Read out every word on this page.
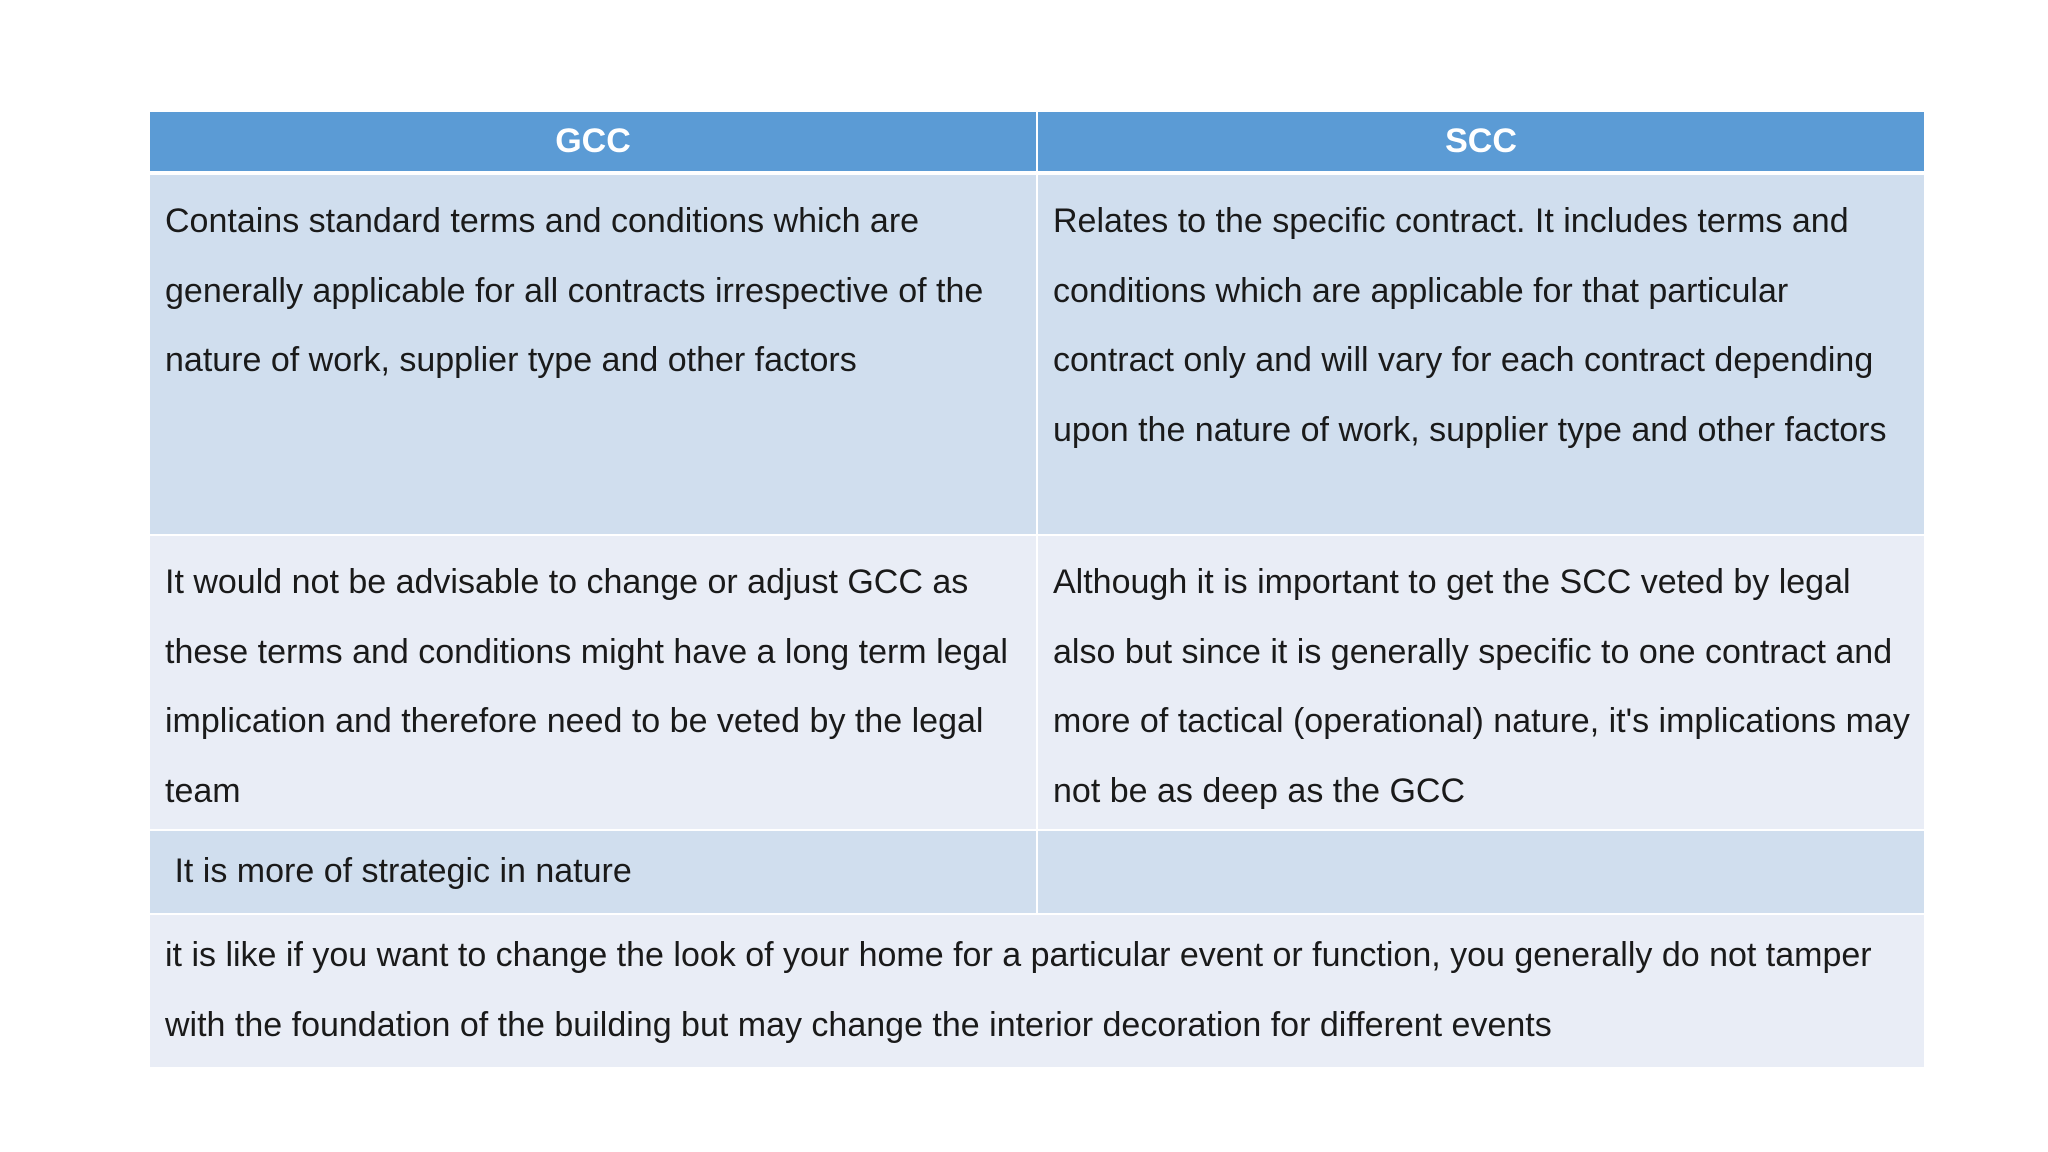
GCC	SCC
Contains standard terms and conditions which are generally applicable for all contracts irrespective of the nature of work, supplier type and other factors
Relates to the specific contract. It includes terms and conditions which are applicable for that particular contract only and will vary for each contract depending upon the nature of work, supplier type and other factors
It would not be advisable to change or adjust GCC as these terms and conditions might have a long term legal implication and therefore need to be veted by the legal team
Although it is important to get the SCC veted by legal also but since it is generally specific to one contract and more of tactical (operational) nature, it's implications may not be as deep as the GCC
It is more of strategic in nature
it is like if you want to change the look of your home for a particular event or function, you generally do not tamper with the foundation of the building but may change the interior decoration for different events
